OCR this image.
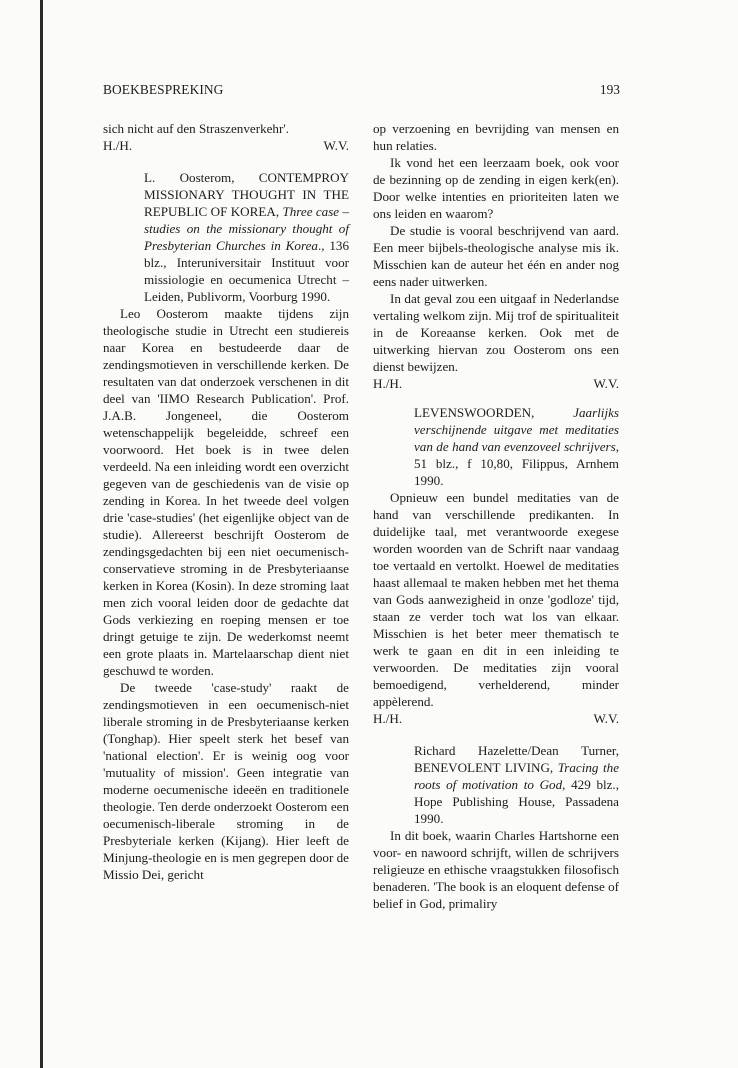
BOEKBESPREKING	193

sich nicht auf den Straszenverkehr'.

H./H.	W.V.

L. Oosterom, CONTEMPROY MISSIONARY THOUGHT IN THE REPUBLIC OF KOREA, Three case – studies on the missionary thought of Presbyterian Churches in Korea., 136 blz., Interuniversitair Instituut voor missiologie en oecumenica Utrecht – Leiden, Publivorm, Voorburg 1990.

Leo Oosterom maakte tijdens zijn theologische studie in Utrecht een studiereis naar Korea en bestudeerde daar de zendingsmotieven in verschillende kerken. De resultaten van dat onderzoek verschenen in dit deel van 'IIMO Research Publication'. Prof. J.A.B. Jongeneel, die Oosterom wetenschappelijk begeleidde, schreef een voorwoord. Het boek is in twee delen verdeeld. Na een inleiding wordt een overzicht gegeven van de geschiedenis van de visie op zending in Korea. In het tweede deel volgen drie 'case-studies' (het eigenlijke object van de studie). Allereerst beschrijft Oosterom de zendingsgedachten bij een niet oecumenisch-conservatieve stroming in de Presbyteriaanse kerken in Korea (Kosin). In deze stroming laat men zich vooral leiden door de gedachte dat Gods verkiezing en roeping mensen er toe dringt getuige te zijn. De wederkomst neemt een grote plaats in. Martelaarschap dient niet geschuwd te worden.

De tweede 'case-study' raakt de zendingsmotieven in een oecumenisch-niet liberale stroming in de Presbyteriaanse kerken (Tonghap). Hier speelt sterk het besef van 'national election'. Er is weinig oog voor 'mutuality of mission'. Geen integratie van moderne oecumenische ideeën en traditionele theologie. Ten derde onderzoekt Oosterom een oecumenisch-liberale stroming in de Presbyteriale kerken (Kijang). Hier leeft de Minjung-theologie en is men gegrepen door de Missio Dei, gericht

op verzoening en bevrijding van mensen en hun relaties.

Ik vond het een leerzaam boek, ook voor de bezinning op de zending in eigen kerk(en). Door welke intenties en prioriteiten laten we ons leiden en waarom?

De studie is vooral beschrijvend van aard. Een meer bijbels-theologische analyse mis ik. Misschien kan de auteur het één en ander nog eens nader uitwerken.

In dat geval zou een uitgaaf in Nederlandse vertaling welkom zijn. Mij trof de spiritualiteit in de Koreaanse kerken. Ook met de uitwerking hiervan zou Oosterom ons een dienst bewijzen.

H./H.	W.V.

LEVENSWOORDEN, Jaarlijks verschijnende uitgave met meditaties van de hand van evenzoveel schrijvers, 51 blz., f 10,80, Filippus, Arnhem 1990.

Opnieuw een bundel meditaties van de hand van verschillende predikanten. In duidelijke taal, met verantwoorde exegese worden woorden van de Schrift naar vandaag toe vertaald en vertolkt. Hoewel de meditaties haast allemaal te maken hebben met het thema van Gods aanwezigheid in onze 'godloze' tijd, staan ze verder toch wat los van elkaar. Misschien is het beter meer thematisch te werk te gaan en dit in een inleiding te verwoorden. De meditaties zijn vooral bemoedigend, verhelderend, minder appèlerend.

H./H.	W.V.

Richard Hazelette/Dean Turner, BENEVOLENT LIVING, Tracing the roots of motivation to God, 429 blz., Hope Publishing House, Passadena 1990.

In dit boek, waarin Charles Hartshorne een voor- en nawoord schrijft, willen de schrijvers religieuze en ethische vraagstukken filosofisch benaderen. 'The book is an eloquent defense of belief in God, primaliry
